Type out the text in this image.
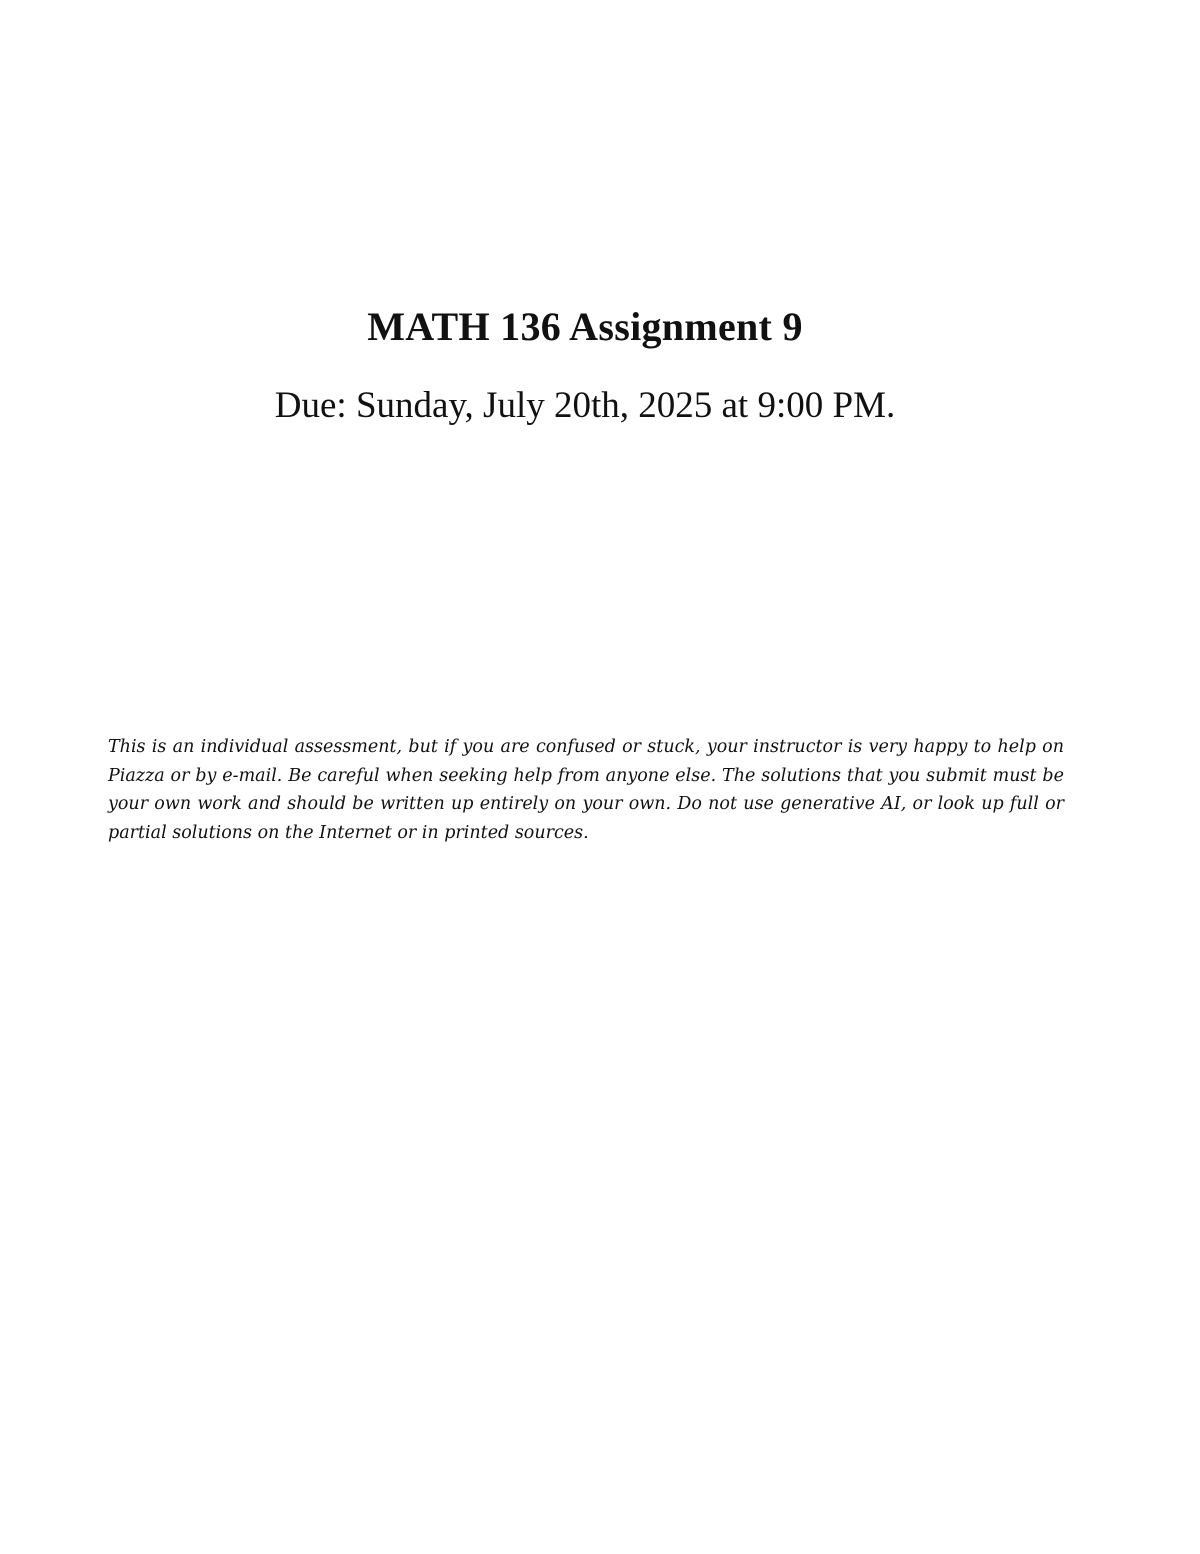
MATH 136 Assignment 9

Due: Sunday, July 20th, 2025 at 9:00 PM.

This is an individual assessment, but if you are confused or stuck, your instructor is very happy to help on Piazza or by e-mail. Be careful when seeking help from anyone else. The solutions that you submit must be your own work and should be written up entirely on your own. Do not use generative AI, or look up full or partial solutions on the Internet or in printed sources.
